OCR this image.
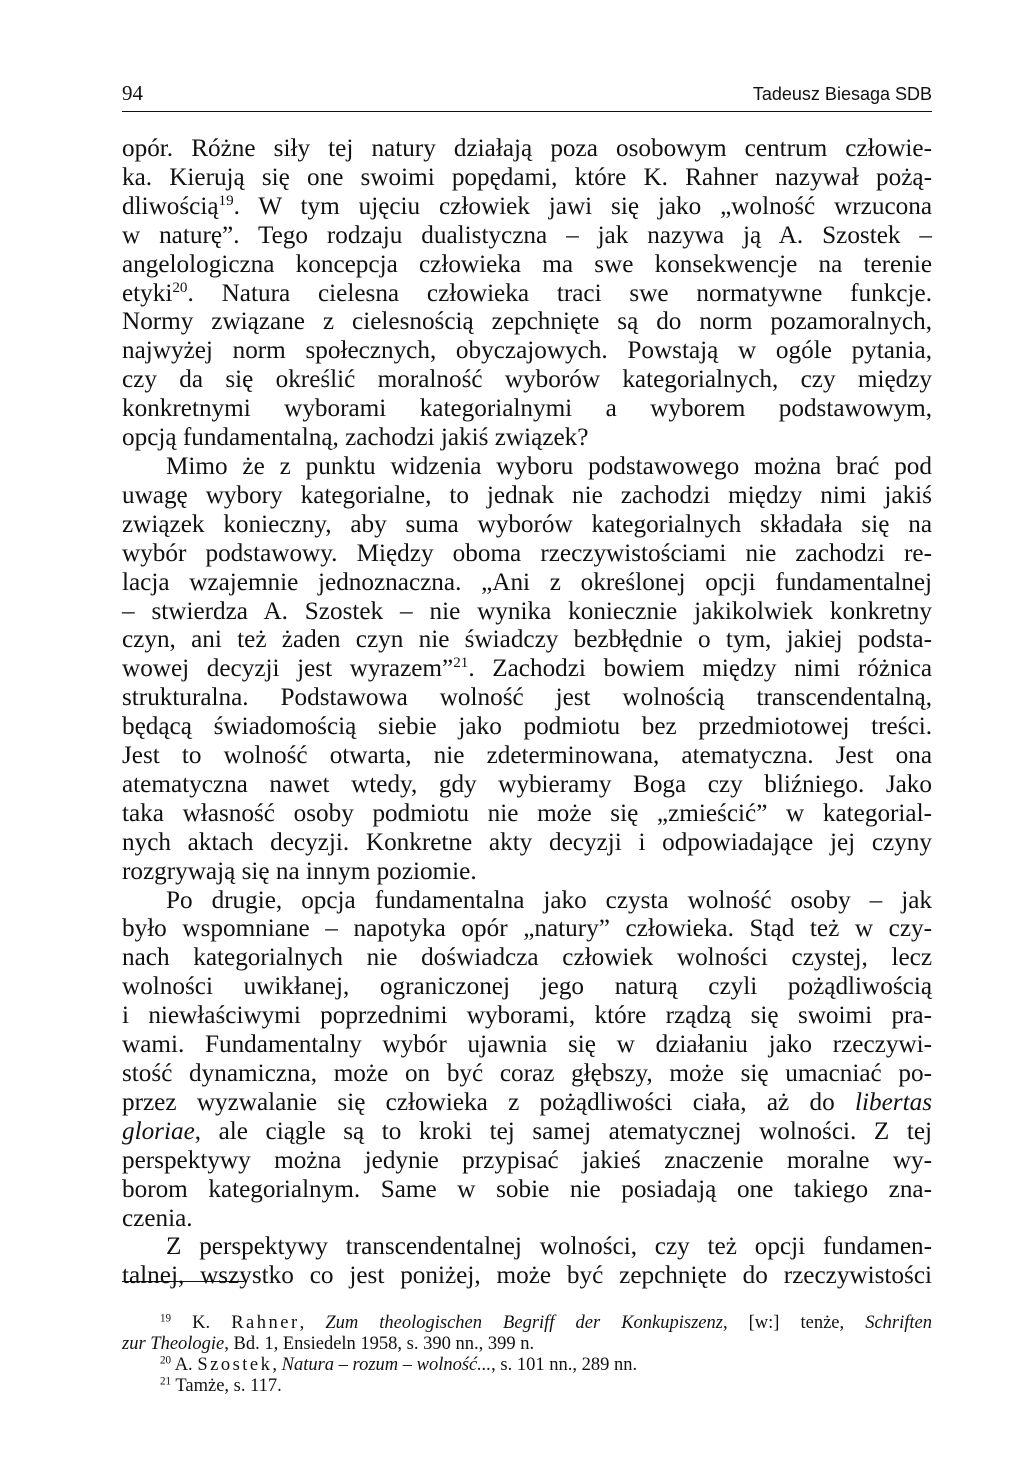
94	Tadeusz Biesaga SDB
opór. Różne siły tej natury działają poza osobowym centrum człowie-
ka. Kierują się one swoimi popędami, które K. Rahner nazywał pożą-
dliwością$^{19}$. W tym ujęciu człowiek jawi się jako „wolność wrzucona
w naturę”. Tego rodzaju dualistyczna – jak nazywa ją A. Szostek –
angelologiczna koncepcja człowieka ma swe konsekwencje na terenie
etyki$^{20}$. Natura cielesna człowieka traci swe normatywne funkcje.
Normy związane z cielesnością zepchnięte są do norm pozamoralnych,
najwyżej norm społecznych, obyczajowych. Powstają w ogóle pytania,
czy da się określić moralność wyborów kategorialnych, czy między
konkretnymi wyborami kategorialnymi a wyborem podstawowym,
opcją fundamentalną, zachodzi jakiś związek?
Mimo że z punktu widzenia wyboru podstawowego można brać pod
uwagę wybory kategorialne, to jednak nie zachodzi między nimi jakiś
związek konieczny, aby suma wyborów kategorialnych składała się na
wybór podstawowy. Między oboma rzeczywistościami nie zachodzi re-
lacja wzajemnie jednoznaczna. „Ani z określonej opcji fundamentalnej
– stwierdza A. Szostek – nie wynika koniecznie jakikolwiek konkretny
czyn, ani też żaden czyn nie świadczy bezbłędnie o tym, jakiej podsta-
wowej decyzji jest wyrazem”$^{21}$. Zachodzi bowiem między nimi różnica
strukturalna. Podstawowa wolność jest wolnością transcendentalną,
będącą świadomością siebie jako podmiotu bez przedmiotowej treści.
Jest to wolność otwarta, nie zdeterminowana, atematyczna. Jest ona
atematyczna nawet wtedy, gdy wybieramy Boga czy bliźniego. Jako
taka własność osoby podmiotu nie może się „zmieścić” w kategorial-
nych aktach decyzji. Konkretne akty decyzji i odpowiadające jej czyny
rozgrywają się na innym poziomie.
Po drugie, opcja fundamentalna jako czysta wolność osoby – jak
było wspomniane – napotyka opór „natury” człowieka. Stąd też w czy-
nach kategorialnych nie doświadcza człowiek wolności czystej, lecz
wolności uwikłanej, ograniczonej jego naturą czyli pożądliwością
i niewłaściwymi poprzednimi wyborami, które rządzą się swoimi pra-
wami. Fundamentalny wybór ujawnia się w działaniu jako rzeczywi-
stość dynamiczna, może on być coraz głębszy, może się umacniać po-
przez wyzwalanie się człowieka z pożądliwości ciała, aż do libertas
gloriae, ale ciągle są to kroki tej samej atematycznej wolności. Z tej
perspektywy można jedynie przypisać jakieś znaczenie moralne wy-
borom kategorialnym. Same w sobie nie posiadają one takiego zna-
czenia.
Z perspektywy transcendentalnej wolności, czy też opcji fundamen-
talnej, wszystko co jest poniżej, może być zepchnięte do rzeczywistości
$^{19}$ K. Rahner, Zum theologischen Begriff der Konkupiszenz, [w:] tenże, Schriften
zur Theologie, Bd. 1, Ensiedeln 1958, s. 390 nn., 399 n.
$^{20}$ A. Szostek, Natura – rozum – wolność..., s. 101 nn., 289 nn.
$^{21}$ Tamże, s. 117.
